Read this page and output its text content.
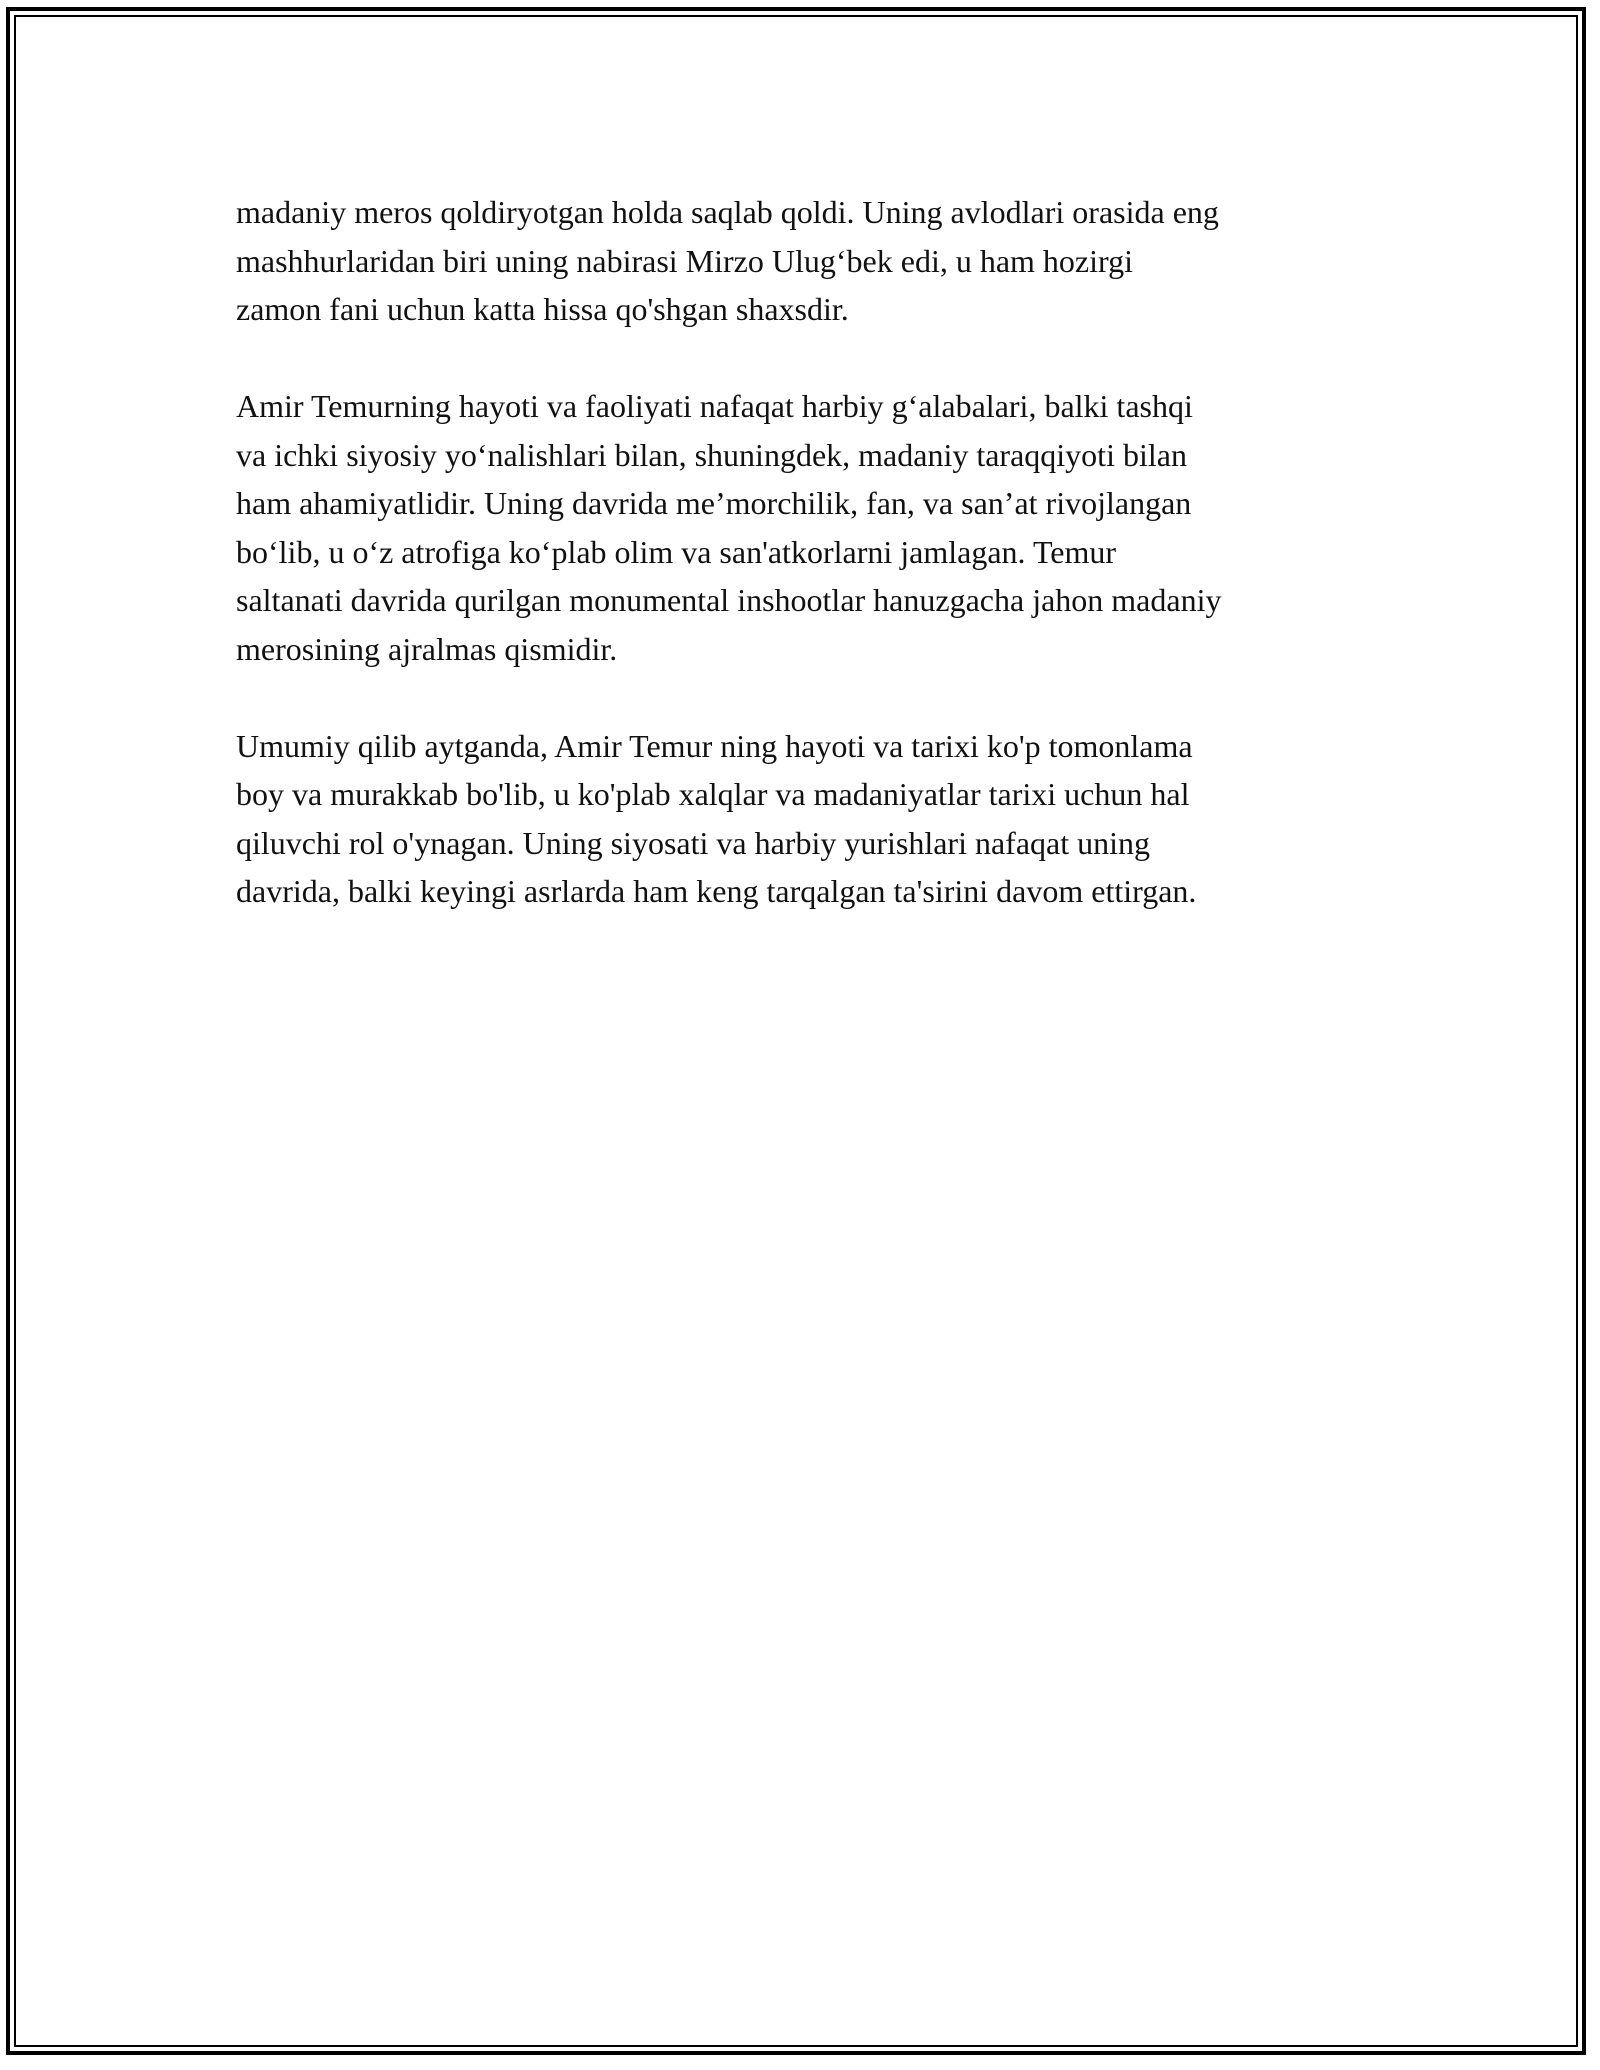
madaniy meros qoldiryotgan holda saqlab qoldi. Uning avlodlari orasida eng
mashhurlaridan biri uning nabirasi Mirzo Ulug‘bek edi, u ham hozirgi
zamon fani uchun katta hissa qo'shgan shaxsdir.

Amir Temurning hayoti va faoliyati nafaqat harbiy g‘alabalari, balki tashqi
va ichki siyosiy yo‘nalishlari bilan, shuningdek, madaniy taraqqiyoti bilan
ham ahamiyatlidir. Uning davrida me’morchilik, fan, va san’at rivojlangan
bo‘lib, u o‘z atrofiga ko‘plab olim va san'atkorlarni jamlagan. Temur
saltanati davrida qurilgan monumental inshootlar hanuzgacha jahon madaniy
merosining ajralmas qismidir.

Umumiy qilib aytganda, Amir Temur ning hayoti va tarixi ko'p tomonlama
boy va murakkab bo'lib, u ko'plab xalqlar va madaniyatlar tarixi uchun hal
qiluvchi rol o'ynagan. Uning siyosati va harbiy yurishlari nafaqat uning
davrida, balki keyingi asrlarda ham keng tarqalgan ta'sirini davom ettirgan.
